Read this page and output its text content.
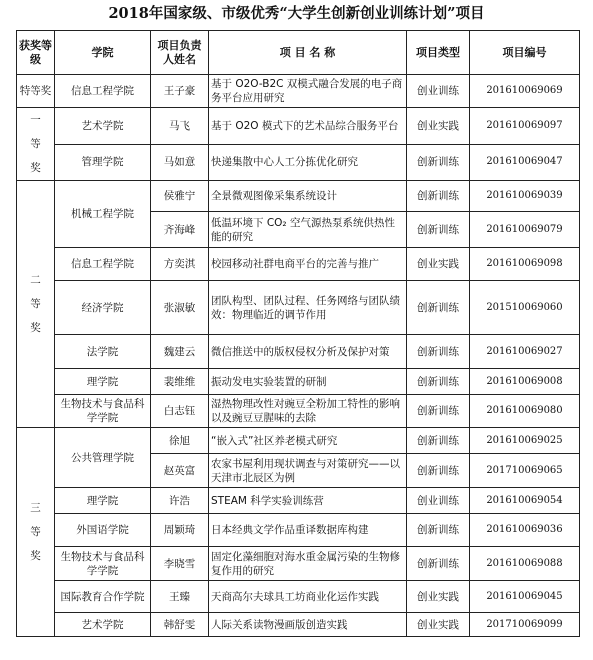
2018年国家级、市级优秀“大学生创新创业训练计划”项目
获奖等级	学院	项目负责人姓名	项 目 名 称	项目类型	项目编号
特等奖	信息工程学院	王子豪	基于 O2O-B2C 双模式融合发展的电子商务平台应用研究	创业训练	201610069069

一
等
奖	艺术学院	马飞	基于 O2O 模式下的艺术品综合服务平台	创业实践	201610069097
	管理学院	马如意	快递集散中心人工分拣优化研究	创新训练	201610069047

二
等
奖	机械工程学院	侯雅宁	全景微观图像采集系统设计	创新训练	201610069039
		齐海峰	低温环境下 CO₂ 空气源热泵系统供热性能的研究	创新训练	201610069079
	信息工程学院	方奕淇	校园移动社群电商平台的完善与推广	创业实践	201610069098
	经济学院	张淑敏	团队构型、团队过程、任务网络与团队绩效：物理临近的调节作用	创新训练	201510069060
	法学院	魏建云	微信推送中的版权侵权分析及保护对策	创新训练	201610069027
	理学院	裴维维	振动发电实验装置的研制	创新训练	201610069008
	生物技术与食品科学学院	白志钰	湿热物理改性对豌豆全粉加工特性的影响以及豌豆豆腥味的去除	创新训练	201610069080

三
等
奖	公共管理学院	徐旭	“嵌入式”社区养老模式研究	创新训练	201610069025
		赵英富	农家书屋利用现状调查与对策研究——以天津市北辰区为例	创新训练	201710069065
	理学院	许浩	STEAM 科学实验训练营	创业训练	201610069054
	外国语学院	周颖琦	日本经典文学作品重译数据库构建	创新训练	201610069036
	生物技术与食品科学学院	李晓雪	固定化藻细胞对海水重金属污染的生物修复作用的研究	创新训练	201610069088
	国际教育合作学院	王臻	天商高尔夫球具工坊商业化运作实践	创业实践	201610069045
	艺术学院	韩舒雯	人际关系读物漫画版创造实践	创业实践	201710069099
